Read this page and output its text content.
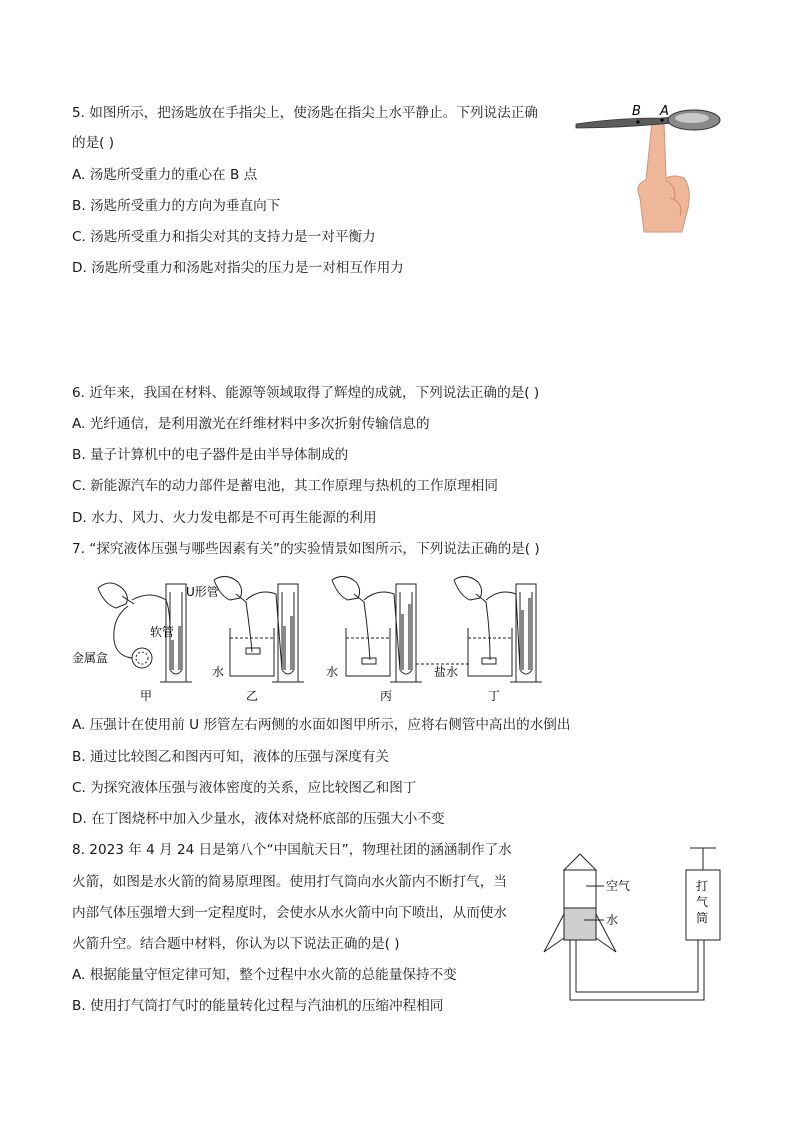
5. 如图所示，把汤匙放在手指尖上，使汤匙在指尖上水平静止。下列说法正确
的是( )
A. 汤匙所受重力的重心在 B 点
B. 汤匙所受重力的方向为垂直向下
C. 汤匙所受重力和指尖对其的支持力是一对平衡力
D. 汤匙所受重力和汤匙对指尖的压力是一对相互作用力
B A
6. 近年来，我国在材料、能源等领域取得了辉煌的成就，下列说法正确的是( )
A. 光纤通信，是利用激光在纤维材料中多次折射传输信息的
B. 量子计算机中的电子器件是由半导体制成的
C. 新能源汽车的动力部件是蓄电池，其工作原理与热机的工作原理相同
D. 水力、风力、火力发电都是不可再生能源的利用
7. “探究液体压强与哪些因素有关”的实验情景如图所示，下列说法正确的是( )
U形管
软管
金属盒
甲
水
乙
水
丙
盐水
丁
A. 压强计在使用前 U 形管左右两侧的水面如图甲所示，应将右侧管中高出的水倒出
B. 通过比较图乙和图丙可知，液体的压强与深度有关
C. 为探究液体压强与液体密度的关系，应比较图乙和图丁
D. 在丁图烧杯中加入少量水，液体对烧杯底部的压强大小不变
8. 2023 年 4 月 24 日是第八个“中国航天日”，物理社团的涵涵制作了水
火箭，如图是水火箭的简易原理图。使用打气筒向水火箭内不断打气，当
内部气体压强增大到一定程度时，会使水从水火箭中向下喷出，从而使水
火箭升空。结合题中材料，你认为以下说法正确的是( )
A. 根据能量守恒定律可知，整个过程中水火箭的总能量保持不变
B. 使用打气筒打气时的能量转化过程与汽油机的压缩冲程相同
空气
水
打
气
筒
